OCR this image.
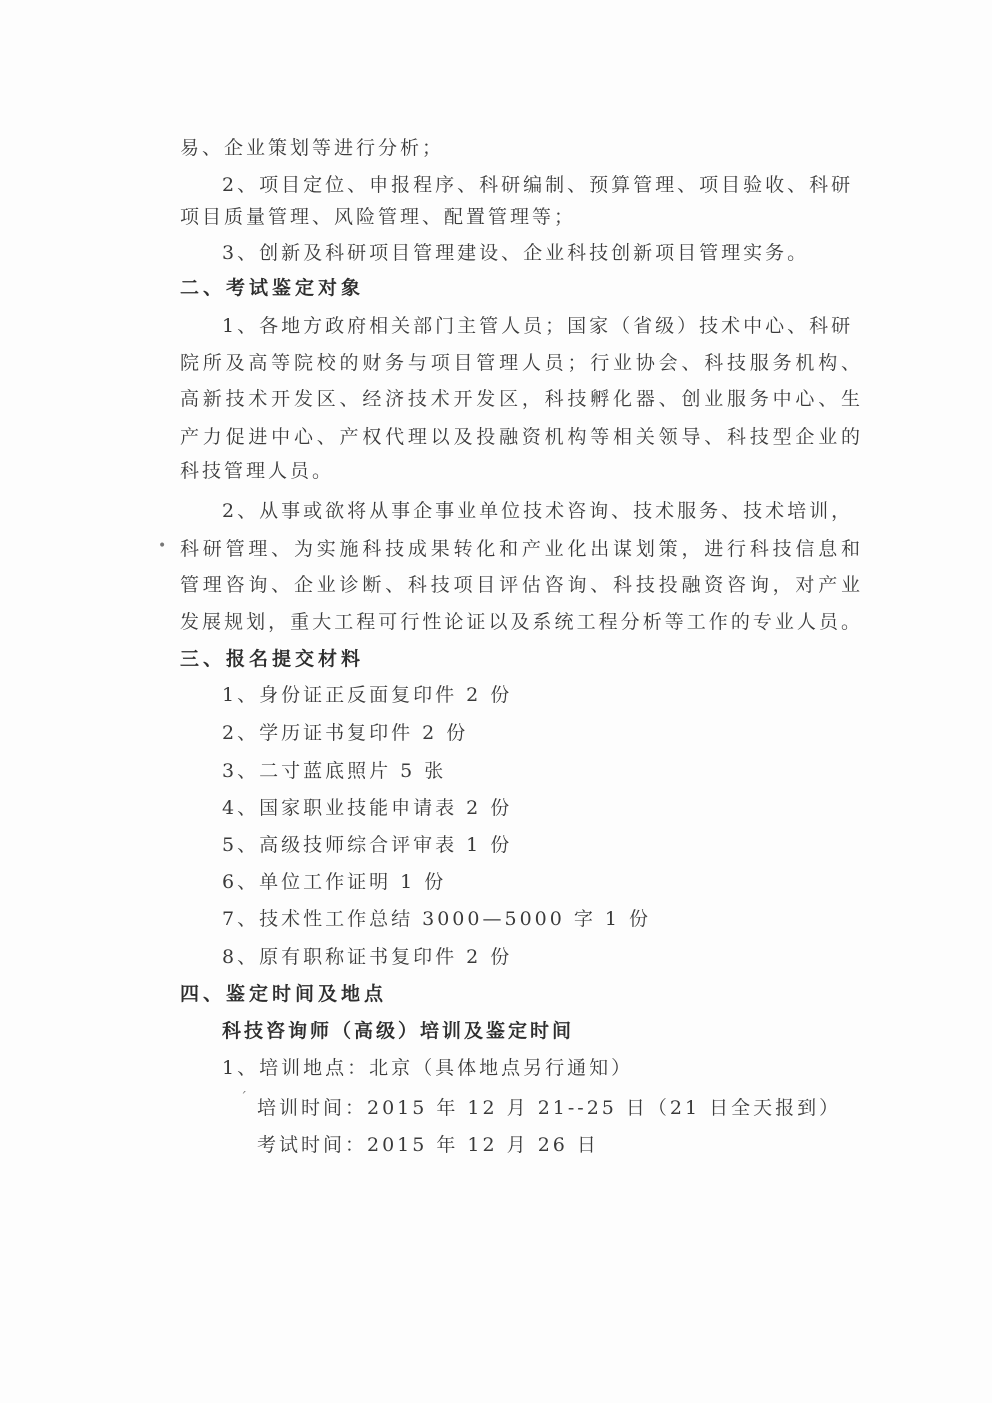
易、企业策划等进行分析；
2、项目定位、申报程序、科研编制、预算管理、项目验收、科研
项目质量管理、风险管理、配置管理等；
3、创新及科研项目管理建设、企业科技创新项目管理实务。
二、考试鉴定对象
1、各地方政府相关部门主管人员；国家（省级）技术中心、科研
院所及高等院校的财务与项目管理人员；行业协会、科技服务机构、
高新技术开发区、经济技术开发区，科技孵化器、创业服务中心、生
产力促进中心、产权代理以及投融资机构等相关领导、科技型企业的
科技管理人员。
2、从事或欲将从事企事业单位技术咨询、技术服务、技术培训，
• 科研管理、为实施科技成果转化和产业化出谋划策，进行科技信息和
管理咨询、企业诊断、科技项目评估咨询、科技投融资咨询，对产业
发展规划，重大工程可行性论证以及系统工程分析等工作的专业人员。
三、报名提交材料
1、身份证正反面复印件 2 份
2、学历证书复印件 2 份
3、二寸蓝底照片 5 张
4、国家职业技能申请表 2 份
5、高级技师综合评审表 1 份
6、单位工作证明 1 份
7、技术性工作总结 3000—5000 字 1 份
8、原有职称证书复印件 2 份
四、鉴定时间及地点
科技咨询师（高级）培训及鉴定时间
1、培训地点：北京（具体地点另行通知）
ˊ 培训时间：2015 年 12 月 21--25 日（21 日全天报到）
考试时间：2015 年 12 月 26 日
